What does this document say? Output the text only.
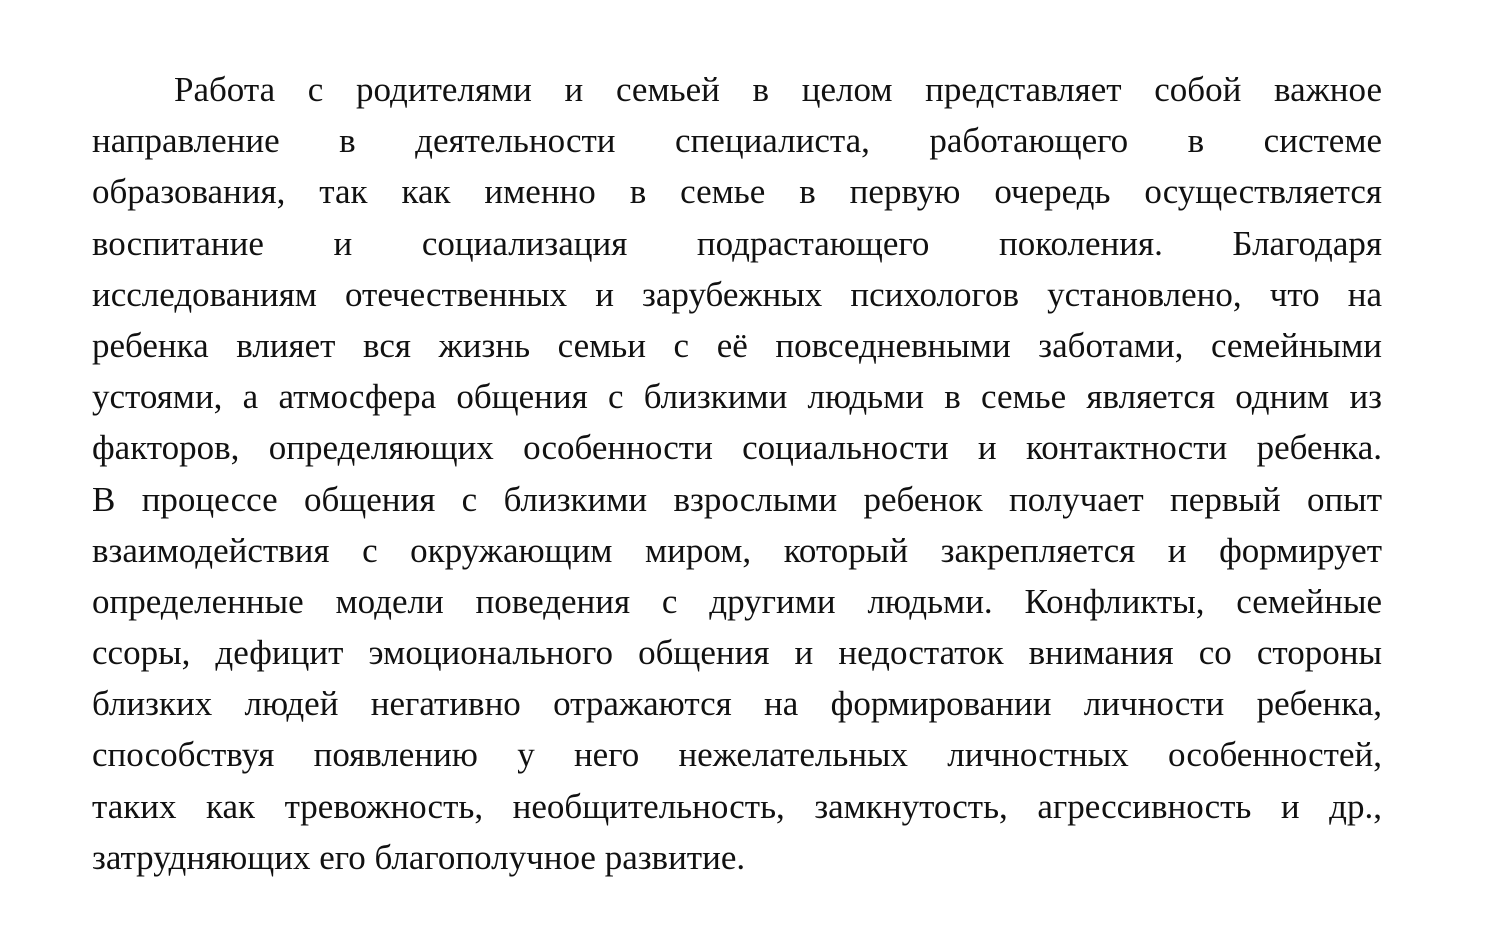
Работа с родителями и семьей в целом представляет собой важное
направление в деятельности специалиста, работающего в системе
образования, так как именно в семье в первую очередь осуществляется
воспитание и социализация подрастающего поколения. Благодаря
исследованиям отечественных и зарубежных психологов установлено, что на
ребенка влияет вся жизнь семьи с её повседневными заботами, семейными
устоями, а атмосфера общения с близкими людьми в семье является одним из
факторов, определяющих особенности социальности и контактности ребенка.
В процессе общения с близкими взрослыми ребенок получает первый опыт
взаимодействия с окружающим миром, который закрепляется и формирует
определенные модели поведения с другими людьми. Конфликты, семейные
ссоры, дефицит эмоционального общения и недостаток внимания со стороны
близких людей негативно отражаются на формировании личности ребенка,
способствуя появлению у него нежелательных личностных особенностей,
таких как тревожность, необщительность, замкнутость, агрессивность и др.,
затрудняющих его благополучное развитие.
